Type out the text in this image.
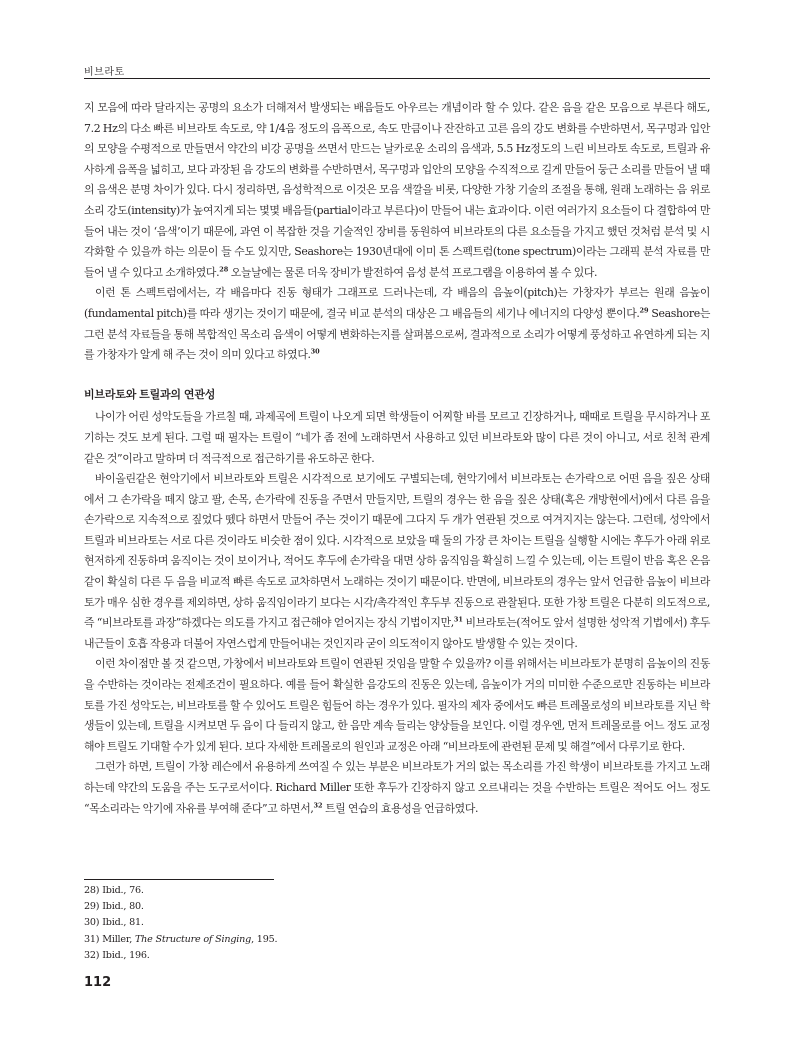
비브라토

지 모음에 따라 달라지는 공명의 요소가 더해져서 발생되는 배음들도 아우르는 개념이라 할 수 있다. 같은 음을 같은 모음으로 부른다 해도, 7.2 Hz의 다소 빠른 비브라토 속도로, 약 1/4음 정도의 음폭으로, 속도 만큼이나 잔잔하고 고른 음의 강도 변화를 수반하면서, 목구멍과 입안의 모양을 수평적으로 만들면서 약간의 비강 공명을 쓰면서 만드는 날카로운 소리의 음색과, 5.5 Hz정도의 느린 비브라토 속도로, 트릴과 유사하게 음폭을 넓히고, 보다 과장된 음 강도의 변화를 수반하면서, 목구멍과 입안의 모양을 수직적으로 길게 만들어 둥근 소리를 만들어 낼 때의 음색은 분명 차이가 있다. 다시 정리하면, 음성학적으로 이것은 모음 색깔을 비롯, 다양한 가창 기술의 조절을 통해, 원래 노래하는 음 위로 소리 강도(intensity)가 높여지게 되는 몇몇 배음들(partial이라고 부른다)이 만들어 내는 효과이다. 이런 여러가지 요소들이 다 결합하여 만들어 내는 것이 ‘음색’이기 때문에, 과연 이 복잡한 것을 기술적인 장비를 동원하여 비브라토의 다른 요소들을 가지고 했던 것처럼 분석 및 시각화할 수 있을까 하는 의문이 들 수도 있지만, Seashore는 1930년대에 이미 톤 스펙트럼(tone spectrum)이라는 그래픽 분석 자료를 만들어 낼 수 있다고 소개하였다.$^{28}$ 오늘날에는 물론 더욱 장비가 발전하여 음성 분석 프로그램을 이용하여 볼 수 있다.

이런 톤 스펙트럼에서는, 각 배음마다 진동 형태가 그래프로 드러나는데, 각 배음의 음높이(pitch)는 가창자가 부르는 원래 음높이(fundamental pitch)를 따라 생기는 것이기 때문에, 결국 비교 분석의 대상은 그 배음들의 세기나 에너지의 다양성 뿐이다.$^{29}$ Seashore는 그런 분석 자료들을 통해 복합적인 목소리 음색이 어떻게 변화하는지를 살펴봄으로써, 결과적으로 소리가 어떻게 풍성하고 유연하게 되는 지를 가창자가 알게 해 주는 것이 의미 있다고 하였다.$^{30}$

비브라토와 트릴과의 연관성

나이가 어린 성악도들을 가르칠 때, 과제곡에 트릴이 나오게 되면 학생들이 어찌할 바를 모르고 긴장하거나, 때때로 트릴을 무시하거나 포기하는 것도 보게 된다. 그럴 때 필자는 트릴이 “네가 좀 전에 노래하면서 사용하고 있던 비브라토와 많이 다른 것이 아니고, 서로 친척 관계 같은 것”이라고 말하며 더 적극적으로 접근하기를 유도하곤 한다.

바이올린같은 현악기에서 비브라토와 트릴은 시각적으로 보기에도 구별되는데, 현악기에서 비브라토는 손가락으로 어떤 음을 짚은 상태에서 그 손가락을 떼지 않고 팔, 손목, 손가락에 진동을 주면서 만들지만, 트릴의 경우는 한 음을 짚은 상태(혹은 개방현에서)에서 다른 음을 손가락으로 지속적으로 짚었다 뗐다 하면서 만들어 주는 것이기 때문에 그다지 두 개가 연관된 것으로 여겨지지는 않는다. 그런데, 성악에서 트릴과 비브라토는 서로 다른 것이라도 비슷한 점이 있다. 시각적으로 보았을 때 둘의 가장 큰 차이는 트릴을 실행할 시에는 후두가 아래 위로 현저하게 진동하며 움직이는 것이 보이거나, 적어도 후두에 손가락을 대면 상하 움직임을 확실히 느낄 수 있는데, 이는 트릴이 반음 혹은 온음같이 확실히 다른 두 음을 비교적 빠른 속도로 교차하면서 노래하는 것이기 때문이다. 반면에, 비브라토의 경우는 앞서 언급한 음높이 비브라토가 매우 심한 경우를 제외하면, 상하 움직임이라기 보다는 시각/촉각적인 후두부 진동으로 관찰된다. 또한 가창 트릴은 다분히 의도적으로, 즉 “비브라토를 과장”하겠다는 의도를 가지고 접근해야 얻어지는 장식 기법이지만,$^{31}$ 비브라토는(적어도 앞서 설명한 성악적 기법에서) 후두내근들이 호흡 작용과 더불어 자연스럽게 만들어내는 것인지라 굳이 의도적이지 않아도 발생할 수 있는 것이다.

이런 차이점만 볼 것 같으면, 가창에서 비브라토와 트릴이 연관된 것임을 말할 수 있을까? 이를 위해서는 비브라토가 분명히 음높이의 진동을 수반하는 것이라는 전제조건이 필요하다. 예를 들어 확실한 음강도의 진동은 있는데, 음높이가 거의 미미한 수준으로만 진동하는 비브라토를 가진 성악도는, 비브라토를 할 수 있어도 트릴은 힘들어 하는 경우가 있다. 필자의 제자 중에서도 빠른 트레몰로성의 비브라토를 지닌 학생들이 있는데, 트릴을 시켜보면 두 음이 다 들리지 않고, 한 음만 계속 들리는 양상들을 보인다. 이럴 경우엔, 먼저 트레몰로를 어느 정도 교정해야 트릴도 기대할 수가 있게 된다. 보다 자세한 트레몰로의 원인과 교정은 아래 “비브라토에 관련된 문제 및 해결”에서 다루기로 한다.

그런가 하면, 트릴이 가창 레슨에서 유용하게 쓰여질 수 있는 부분은 비브라토가 거의 없는 목소리를 가진 학생이 비브라토를 가지고 노래하는데 약간의 도움을 주는 도구로서이다. Richard Miller 또한 후두가 긴장하지 않고 오르내리는 것을 수반하는 트릴은 적어도 어느 정도 “목소리라는 악기에 자유를 부여해 준다”고 하면서,$^{32}$ 트릴 연습의 효용성을 언급하였다.

28) Ibid., 76.
29) Ibid., 80.
30) Ibid., 81.
31) Miller, The Structure of Singing, 195.
32) Ibid., 196.
112
